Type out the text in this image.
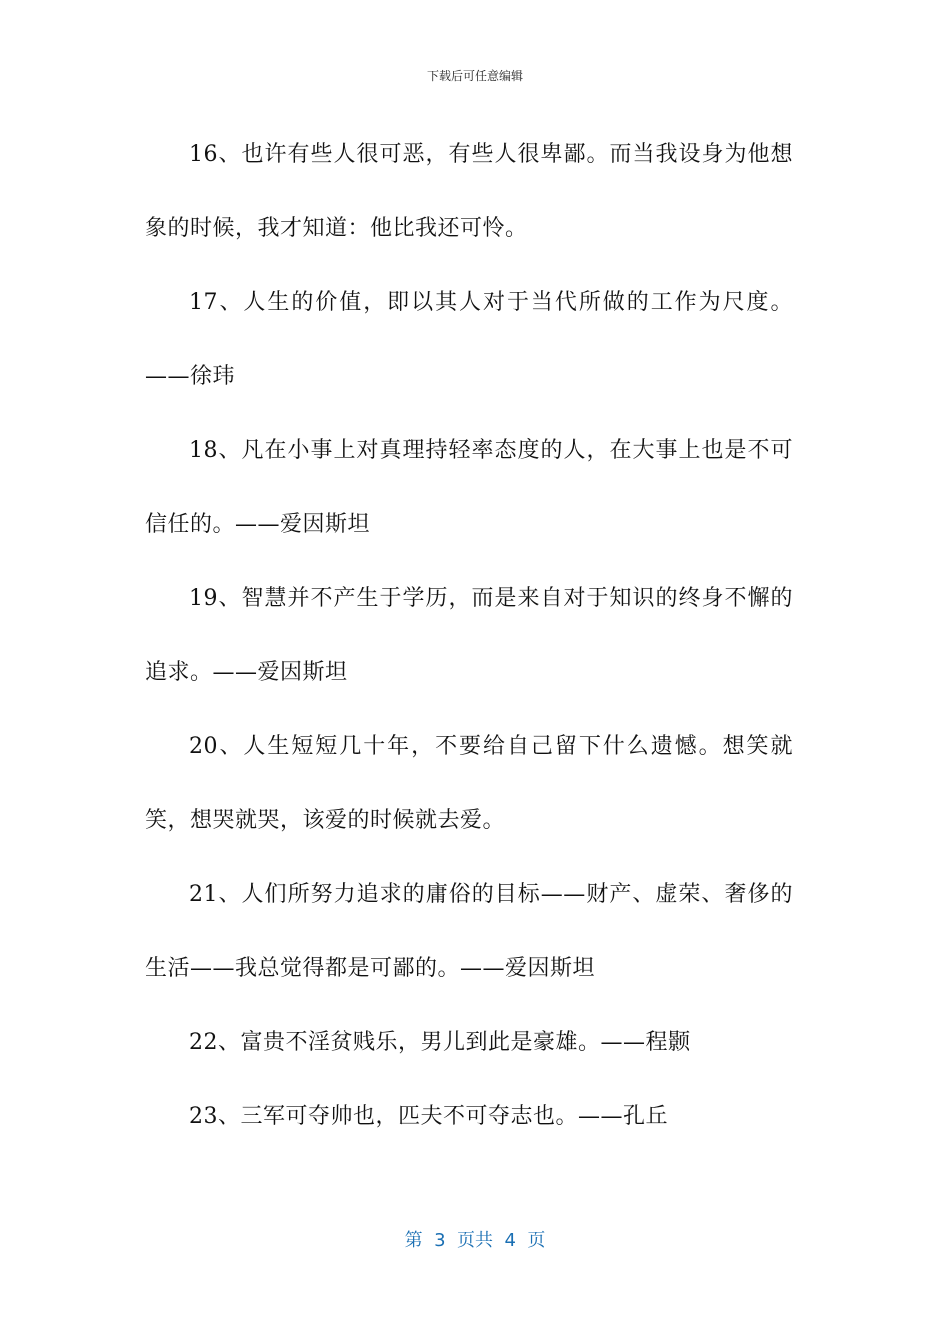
下载后可任意编辑

16、也许有些人很可恶，有些人很卑鄙。而当我设身为他想象的时候，我才知道：他比我还可怜。

17、人生的价值，即以其人对于当代所做的工作为尺度。——徐玮

18、凡在小事上对真理持轻率态度的人，在大事上也是不可信任的。——爱因斯坦

19、智慧并不产生于学历，而是来自对于知识的终身不懈的追求。——爱因斯坦

20、人生短短几十年，不要给自己留下什么遗憾。想笑就笑，想哭就哭，该爱的时候就去爱。

21、人们所努力追求的庸俗的目标——财产、虚荣、奢侈的生活——我总觉得都是可鄙的。——爱因斯坦

22、富贵不淫贫贱乐，男儿到此是豪雄。——程颢

23、三军可夺帅也，匹夫不可夺志也。——孔丘

第  3  页共  4  页
